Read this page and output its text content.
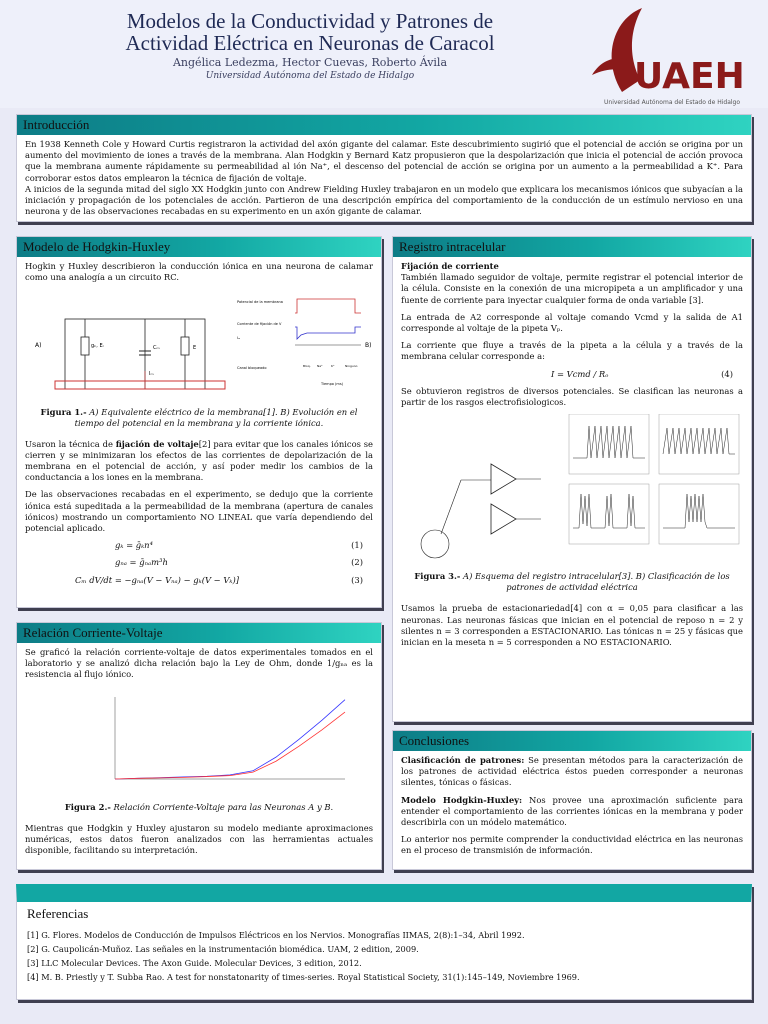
Modelos de la Conductividad y Patrones de
Actividad Eléctrica en Neuronas de Caracol
Angélica Ledezma, Hector Cuevas, Roberto Ávila
Universidad Autónoma del Estado de Hidalgo	UAEH
Universidad Autónoma del Estado de Hidalgo
Introducción
En 1938 Kenneth Cole y Howard Curtis registraron la actividad del axón gigante del calamar. Este descubrimiento sugirió que el potencial de acción se origina por un aumento del movimiento de iones a través de la membrana. Alan Hodgkin y Bernard Katz propusieron que la despolarización que inicia el potencial de acción provoca que la membrana aumente rápidamente su permeabilidad al ión Na⁺, el descenso del potencial de acción se origina por un aumento a la permeabilidad a K⁺. Para corroborar estos datos emplearon la técnica de fijación de voltaje.
A inicios de la segunda mitad del siglo XX Hodgkin junto con Andrew Fielding Huxley trabajaron en un modelo que explicara los mecanismos iónicos que subyacían a la iniciación y propagación de los potenciales de acción. Partieron de una descripción empírica del comportamiento de la conducción de un estímulo nervioso en una neurona y de las observaciones recabadas en su experimento en un axón gigante de calamar.
Modelo de Hodgkin-Huxley

Hogkin y Huxley describieron la conducción iónica en una neurona de calamar como una analogía a un circuito RC.

A)	gₖ, Eₗ	Cₘ	E
Iₘ
Potencial de la membrana
Corriente de fijación de V
Iₘ
Canal bloqueado	Bloq. Na⁺	K⁺	Ninguno
Tiempo (ms)
B)
Figura 1.- A) Equivalente eléctrico de la membrana[1]. B) Evolución en el tiempo del potencial en la membrana y la corriente iónica.

Usaron la técnica de fijación de voltaje[2] para evitar que los canales iónicos se cierren y se minimizaran los efectos de las corrientes de depolarización de la membrana en el potencial de acción, y así poder medir los cambios de la conductancia a los iones en la membrana.

De las observaciones recabadas en el experimento, se dedujo que la corriente iónica está supeditada a la permeabilidad de la membrana (apertura de canales iónicos) mostrando un comportamiento NO LINEAL que varía dependiendo del potencial aplicado.

gₖ = ḡₖn⁴	(1)
gₙₐ = ḡₙₐm³h	(2)
Cₘ dV/dt = −gₙₐ(V − Vₙₐ) − gₖ(V − Vₖ)]	(3)
Relación Corriente-Voltaje

Se graficó la relación corriente-voltaje de datos experimentales tomados en el laboratorio y se analizó dicha relación bajo la Ley de Ohm, donde 1/gₙₐ es la resistencia al flujo iónico.

Figura 2.- Relación Corriente-Voltaje para las Neuronas A y B.

Mientras que Hodgkin y Huxley ajustaron su modelo mediante aproximaciones numéricas, estos datos fueron analizados con las herramientas actuales disponible, facilitando su interpretación.

Registro intracelular
Fijación de corriente

También llamado seguidor de voltaje, permite registrar el potencial interior de la célula. Consiste en la conexión de una micropipeta a un amplificador y una fuente de corriente para inyectar cualquier forma de onda variable [3].

La entrada de A2 corresponde al voltaje comando Vcmd y la salida de A1 corresponde al voltaje de la pipeta Vₚ.

La corriente que fluye a través de la pipeta a la célula y a través de la membrana celular corresponde a:

I = Vcmd / Rₒ	(4)

Se obtuvieron registros de diversos potenciales. Se clasifican las neuronas a partir de los rasgos electrofisiologicos.

Figura 3.- A) Esquema del registro intracelular[3]. B) Clasificación de los patrones de actividad eléctrica

Usamos la prueba de estacionariedad[4] con α = 0,05 para clasificar a las neuronas. Las neuronas fásicas que inician en el potencial de reposo n = 2 y silentes n = 3 corresponden a ESTACIONARIO. Las tónicas n = 25 y fásicas que inician en la meseta n = 5 corresponden a NO ESTACIONARIO.

Conclusiones

Clasificación de patrones: Se presentan métodos para la caracterización de los patrones de actividad eléctrica éstos pueden corresponder a neuronas silentes, tónicas o fásicas.

Modelo Hodgkin-Huxley: Nos provee una aproximación suficiente para entender el comportamiento de las corrientes iónicas en la membrana y poder describirla con un módelo matemático.

Lo anterior nos permite comprender la conductividad eléctrica en las neuronas en el proceso de transmisión de información.

Referencias
[1] G. Flores. Modelos de Conducción de Impulsos Eléctricos en los Nervios. Monografías IIMAS, 2(8):1–34, Abril 1992.
[2] G. Caupolicán-Muñoz. Las señales en la instrumentación biomédica. UAM, 2 edition, 2009.
[3] LLC Molecular Devices. The Axon Guide. Molecular Devices, 3 edition, 2012.
[4] M. B. Priestly y T. Subba Rao. A test for nonstatonarity of times-series. Royal Statistical Society, 31(1):145–149, Noviembre 1969.
